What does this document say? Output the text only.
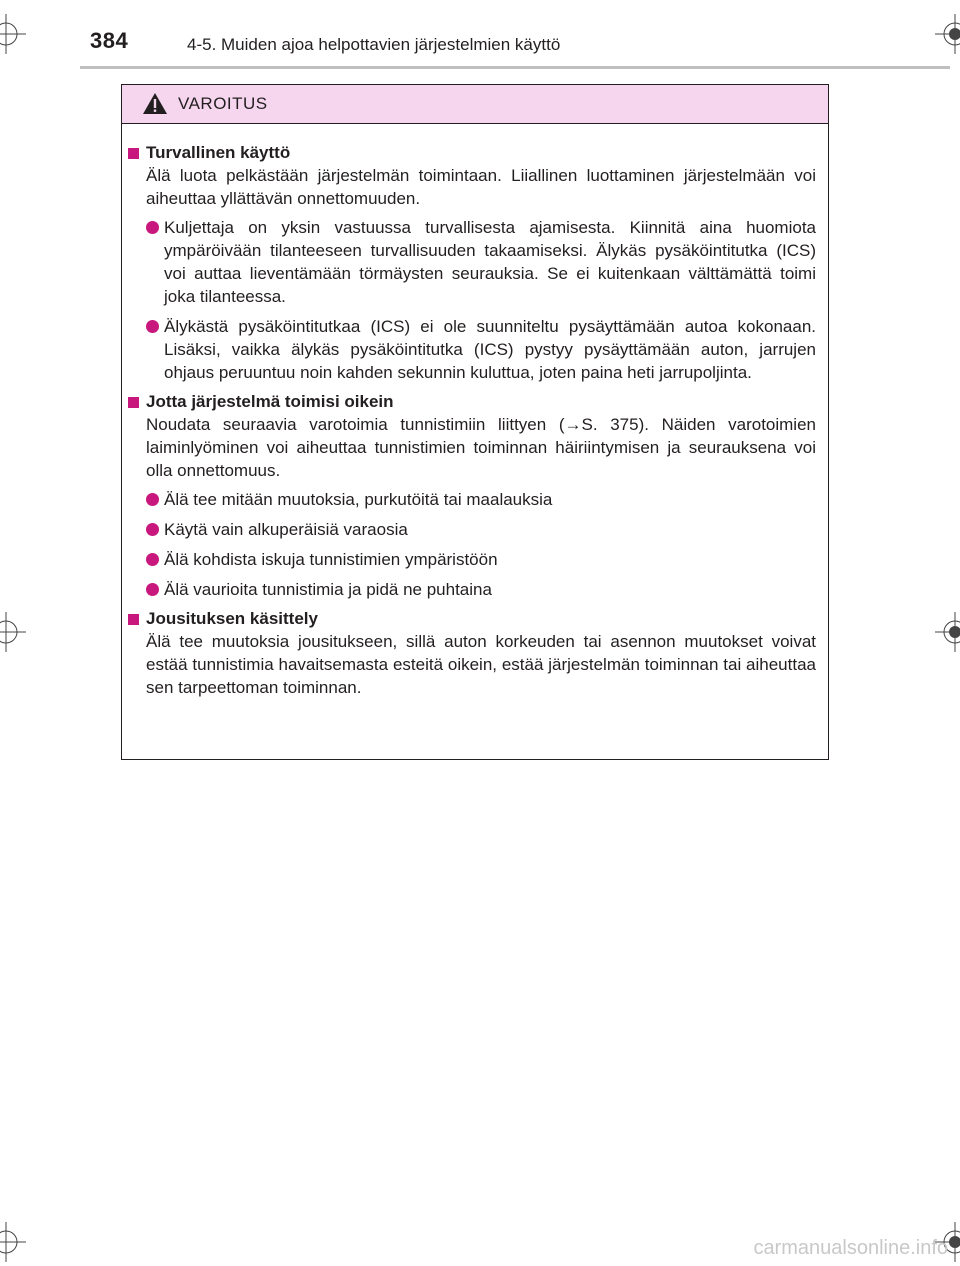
384	4-5. Muiden ajoa helpottavien järjestelmien käyttö
VAROITUS
Turvallinen käyttö
Älä luota pelkästään järjestelmän toimintaan. Liiallinen luottaminen järjestelmään voi aiheuttaa yllättävän onnettomuuden.
Kuljettaja on yksin vastuussa turvallisesta ajamisesta. Kiinnitä aina huomiota ympäröivään tilanteeseen turvallisuuden takaamiseksi. Älykäs pysäköintitutka (ICS) voi auttaa lieventämään törmäysten seurauksia. Se ei kuitenkaan välttämättä toimi joka tilanteessa.
Älykästä pysäköintitutkaa (ICS) ei ole suunniteltu pysäyttämään autoa kokonaan. Lisäksi, vaikka älykäs pysäköintitutka (ICS) pystyy pysäyttämään auton, jarrujen ohjaus peruuntuu noin kahden sekunnin kuluttua, joten paina heti jarrupoljinta.
Jotta järjestelmä toimisi oikein
Noudata seuraavia varotoimia tunnistimiin liittyen (→S. 375). Näiden varotoimien laiminlyöminen voi aiheuttaa tunnistimien toiminnan häiriintymisen ja seurauksena voi olla onnettomuus.
Älä tee mitään muutoksia, purkutöitä tai maalauksia
Käytä vain alkuperäisiä varaosia
Älä kohdista iskuja tunnistimien ympäristöön
Älä vaurioita tunnistimia ja pidä ne puhtaina
Jousituksen käsittely
Älä tee muutoksia jousitukseen, sillä auton korkeuden tai asennon muutokset voivat estää tunnistimia havaitsemasta esteitä oikein, estää järjestelmän toiminnan tai aiheuttaa sen tarpeettoman toiminnan.
carmanualsonline.info
